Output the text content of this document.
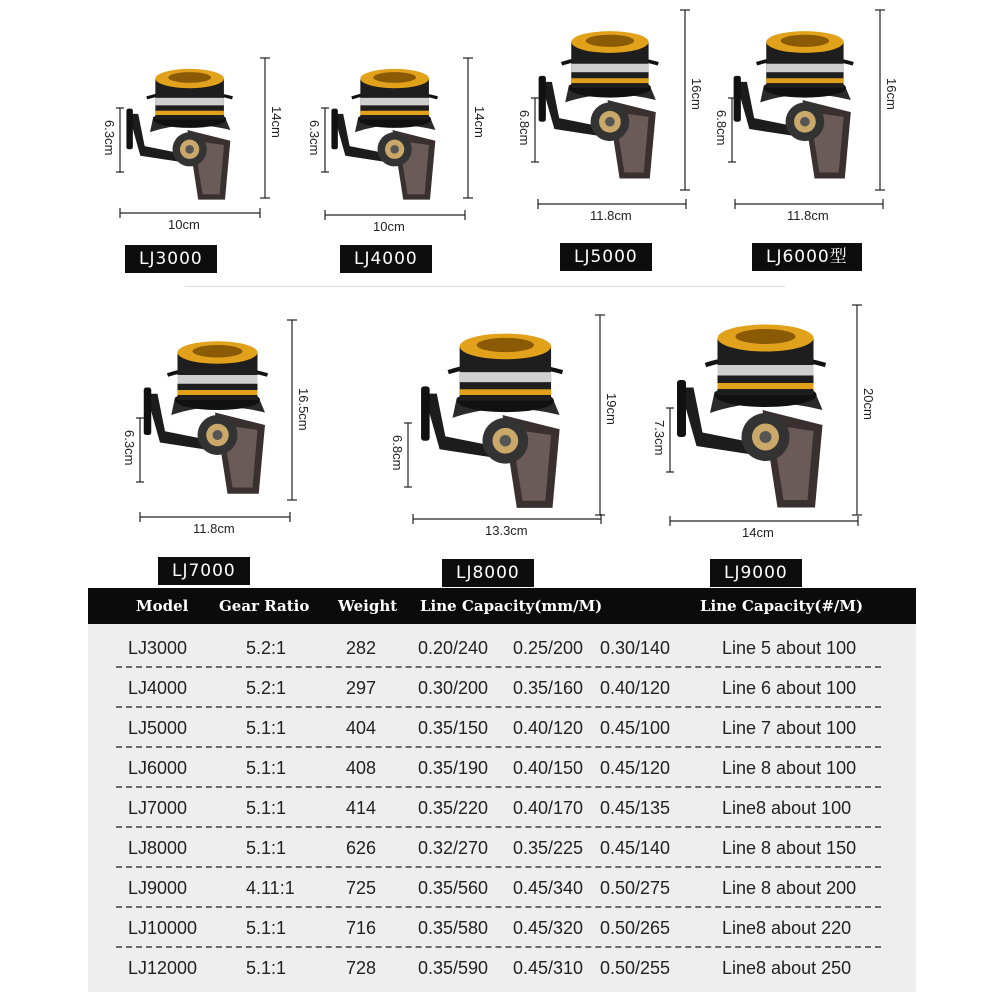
14cm
10cm
6.3cm
LJ3000
14cm
10cm
6.3cm
LJ4000
16cm
11.8cm
6.8cm
LJ5000
16cm
11.8cm
6.8cm
LJ6000型
16.5cm
11.8cm
6.3cm
LJ7000
19cm
13.3cm
6.8cm
LJ8000
20cm
14cm
7.3cm
LJ9000
Model Gear Ratio Weight Line Capacity(mm/M)	Line Capacity(#/M)
LJ3000	5.2:1	282 0.20/240 0.25/200 0.30/140	Line 5 about 100
LJ4000	5.2:1	297 0.30/200 0.35/160 0.40/120	Line 6 about 100
LJ5000	5.1:1	404 0.35/150 0.40/120 0.45/100	Line 7 about 100
LJ6000	5.1:1	408 0.35/190 0.40/150 0.45/120	Line 8 about 100
LJ7000	5.1:1	414 0.35/220 0.40/170 0.45/135	Line8 about 100
LJ8000	5.1:1	626 0.32/270 0.35/225 0.45/140	Line 8 about 150
LJ9000	4.11:1	725 0.35/560 0.45/340 0.50/275	Line 8 about 200
LJ10000	5.1:1	716 0.35/580 0.45/320 0.50/265	Line8 about 220
LJ12000	5.1:1	728 0.35/590 0.45/310 0.50/255	Line8 about 250
